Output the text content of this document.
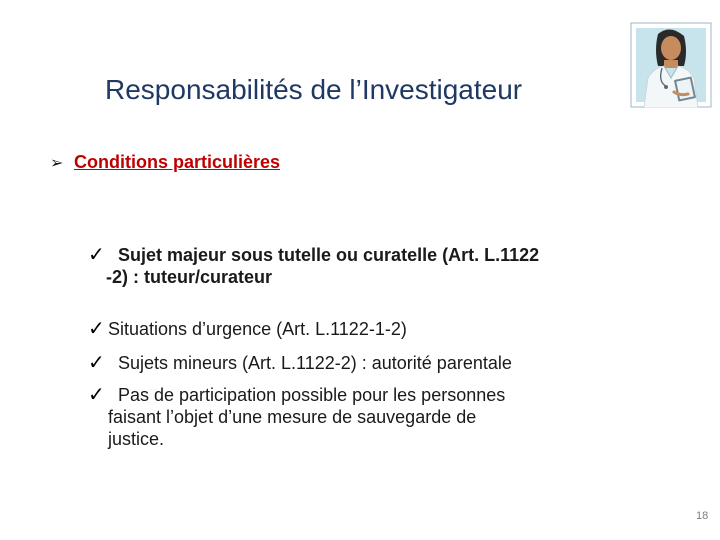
Responsabilités de l’Investigateur
➢ Conditions particulières
✓ Sujet majeur sous tutelle ou curatelle (Art. L.1122
-2) : tuteur/curateur
✓ Situations d’urgence (Art. L.1122-1-2)
✓ Sujets mineurs (Art. L.1122-2) : autorité parentale
✓ Pas de participation possible pour les personnes
faisant l’objet d’une mesure de sauvegarde de
justice.
18
